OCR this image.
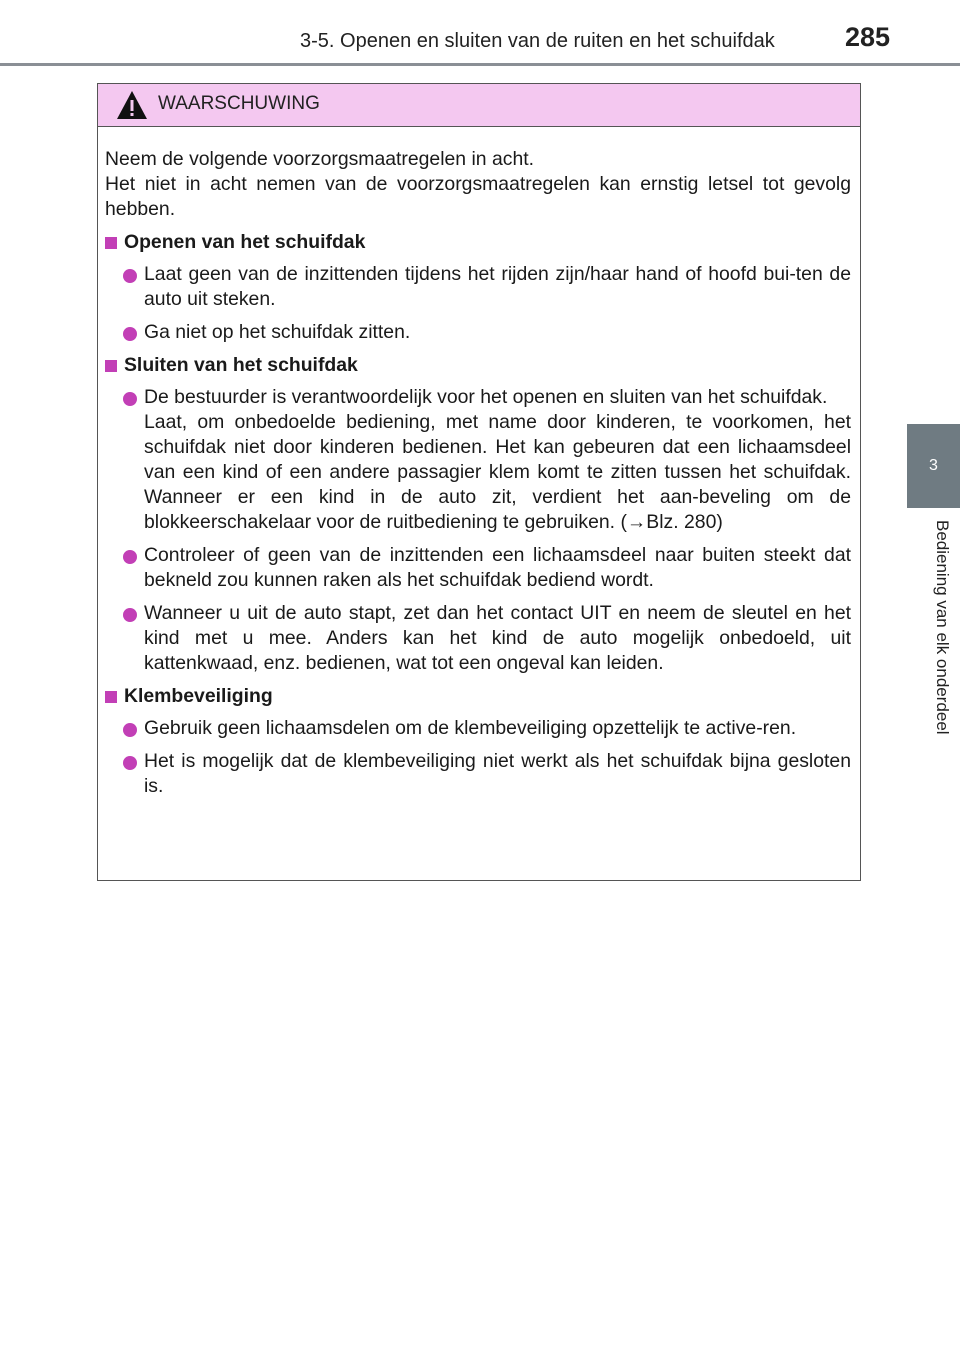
3-5. Openen en sluiten van de ruiten en het schuifdak	285
3
Bediening van elk onderdeel
WAARSCHUWING

Neem de volgende voorzorgsmaatregelen in acht.
Het niet in acht nemen van de voorzorgsmaatregelen kan ernstig letsel tot gevolg hebben.

Openen van het schuifdak
Laat geen van de inzittenden tijdens het rijden zijn/haar hand of hoofd bui-ten de auto uit steken.
Ga niet op het schuifdak zitten.
Sluiten van het schuifdak
De bestuurder is verantwoordelijk voor het openen en sluiten van het schuifdak.
Laat, om onbedoelde bediening, met name door kinderen, te voorkomen, het schuifdak niet door kinderen bedienen. Het kan gebeuren dat een lichaamsdeel van een kind of een andere passagier klem komt te zitten tussen het schuifdak. Wanneer er een kind in de auto zit, verdient het aan-beveling om de blokkeerschakelaar voor de ruitbediening te gebruiken. (→Blz. 280)
Controleer of geen van de inzittenden een lichaamsdeel naar buiten steekt dat bekneld zou kunnen raken als het schuifdak bediend wordt.
Wanneer u uit de auto stapt, zet dan het contact UIT en neem de sleutel en het kind met u mee. Anders kan het kind de auto mogelijk onbedoeld, uit kattenkwaad, enz. bedienen, wat tot een ongeval kan leiden.
Klembeveiliging
Gebruik geen lichaamsdelen om de klembeveiliging opzettelijk te active-ren.
Het is mogelijk dat de klembeveiliging niet werkt als het schuifdak bijna gesloten is.
